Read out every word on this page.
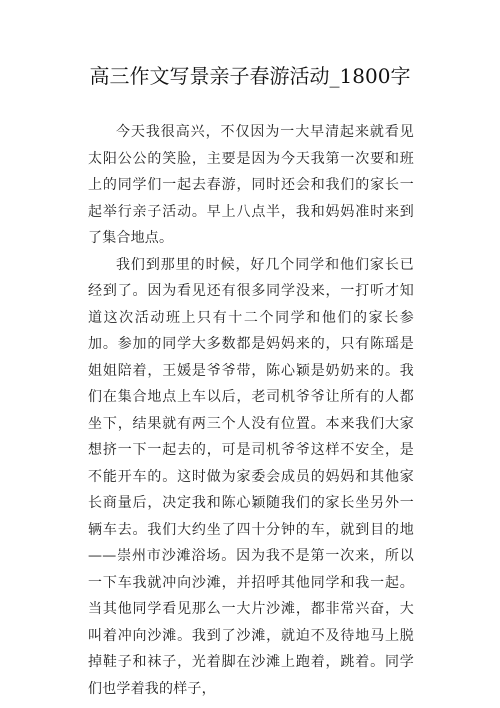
高三作文写景亲子春游活动_1800字

今天我很高兴，不仅因为一大早清起来就看见太阳公公的笑脸，主要是因为今天我第一次要和班上的同学们一起去春游，同时还会和我们的家长一起举行亲子活动。早上八点半，我和妈妈准时来到了集合地点。

我们到那里的时候，好几个同学和他们家长已经到了。因为看见还有很多同学没来，一打听才知道这次活动班上只有十二个同学和他们的家长参加。参加的同学大多数都是妈妈来的，只有陈瑶是姐姐陪着，王媛是爷爷带，陈心颖是奶奶来的。我们在集合地点上车以后，老司机爷爷让所有的人都坐下，结果就有两三个人没有位置。本来我们大家想挤一下一起去的，可是司机爷爷这样不安全，是不能开车的。这时做为家委会成员的妈妈和其他家长商量后，决定我和陈心颖随我们的家长坐另外一辆车去。我们大约坐了四十分钟的车，就到目的地——崇州市沙滩浴场。因为我不是第一次来，所以一下车我就冲向沙滩，并招呼其他同学和我一起。当其他同学看见那么一大片沙滩，都非常兴奋，大叫着冲向沙滩。我到了沙滩，就迫不及待地马上脱掉鞋子和袜子，光着脚在沙滩上跑着，跳着。同学们也学着我的样子，
